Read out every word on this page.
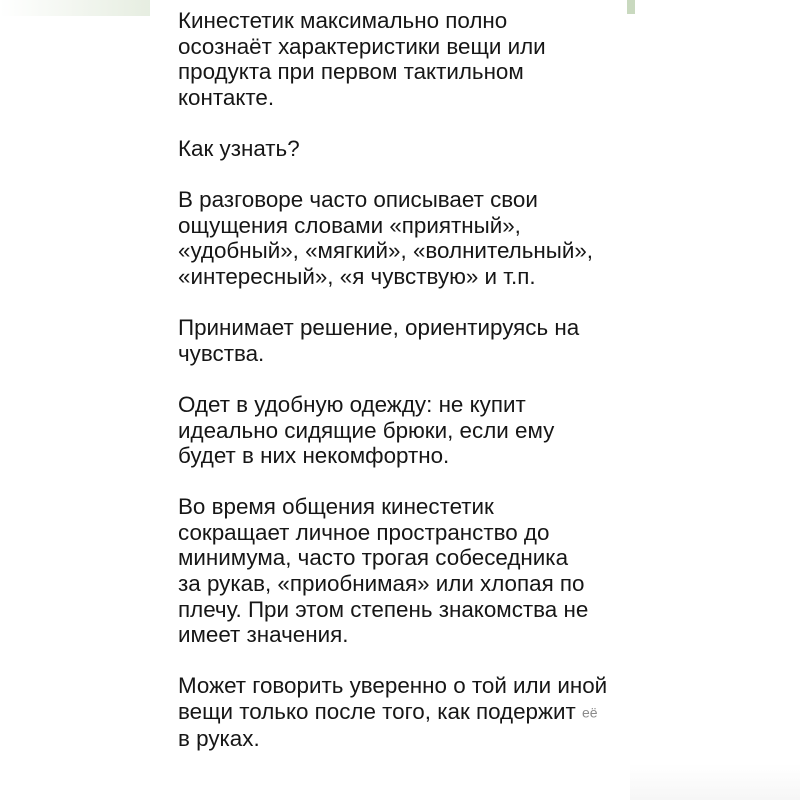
Кинестетик максимально полно
осознаёт характеристики вещи или
продукта при первом тактильном
контакте.

Как узнать?

В разговоре часто описывает свои
ощущения словами «приятный»,
«удобный», «мягкий», «волнительный»,
«интересный», «я чувствую» и т.п.

Принимает решение, ориентируясь на
чувства.

Одет в удобную одежду: не купит
идеально сидящие брюки, если ему
будет в них некомфортно.

Во время общения кинестетик
сокращает личное пространство до
минимума, часто трогая собеседника
за рукав, «приобнимая» или хлопая по
плечу. При этом степень знакомства не
имеет значения.

Может говорить уверенно о той или иной
вещи только после того, как подержит её
в руках.
